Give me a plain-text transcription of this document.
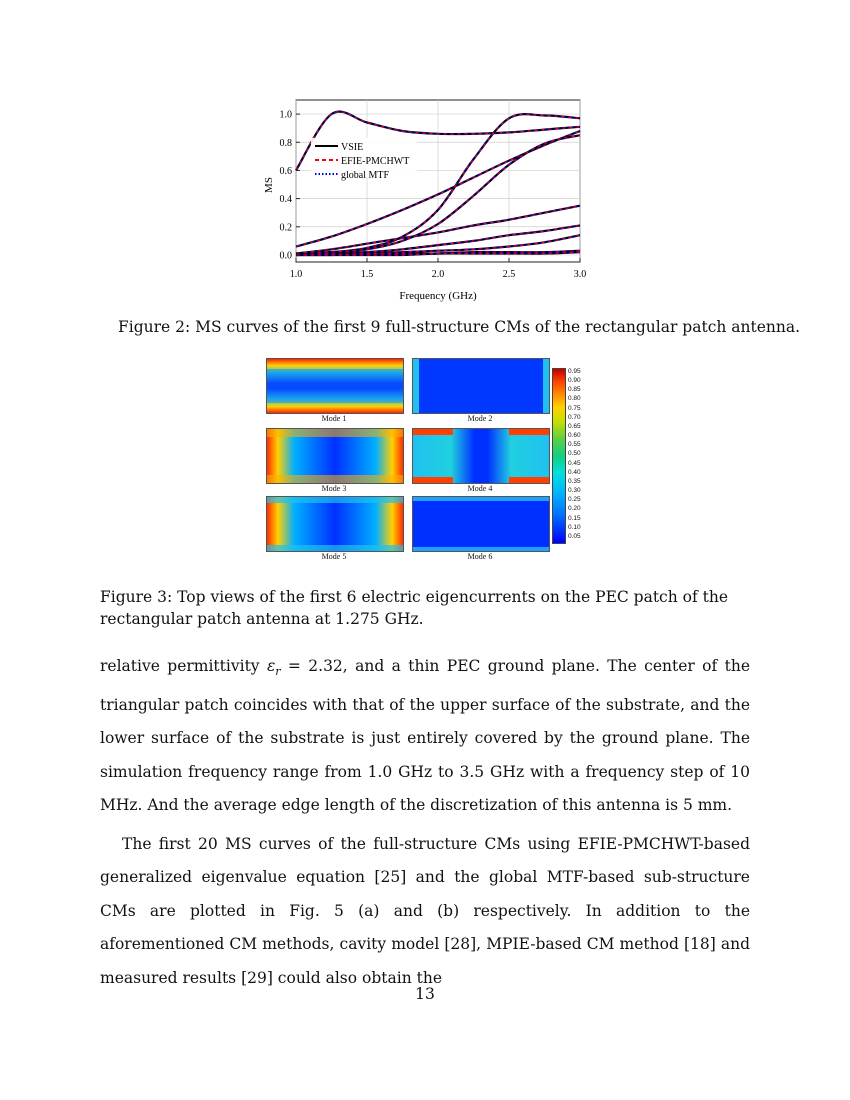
1.0	1.5	2.0	2.5	3.0
0.0
0.2
0.4
0.6
0.8
1.0
VSIE
EFIE-PMCHWT
global MTF
Frequency (GHz)
MS
Figure 2: MS curves of the first 9 full-structure CMs of the rectangular patch antenna.
Mode 1	Mode 2
Mode 3	Mode 4
Mode 5	Mode 6
0.95
0.90
0.85
0.80
0.75
0.70
0.65
0.60
0.55
0.50
0.45
0.40
0.35
0.30
0.25
0.20
0.15
0.10
0.05
Figure 3: Top views of the first 6 electric eigencurrents on the PEC patch of the rectangular patch antenna at 1.275 GHz.

relative permittivity $\varepsilon_r = 2.32$, and a thin PEC ground plane. The center of the triangular patch coincides with that of the upper surface of the substrate, and the lower surface of the substrate is just entirely covered by the ground plane. The simulation frequency range from 1.0 GHz to 3.5 GHz with a frequency step of 10 MHz. And the average edge length of the discretization of this antenna is 5 mm.

The first 20 MS curves of the full-structure CMs using EFIE-PMCHWT-based generalized eigenvalue equation [25] and the global MTF-based sub-structure CMs are plotted in Fig. 5 (a) and (b) respectively. In addition to the aforementioned CM methods, cavity model [28], MPIE-based CM method [18] and measured results [29] could also obtain the

13
